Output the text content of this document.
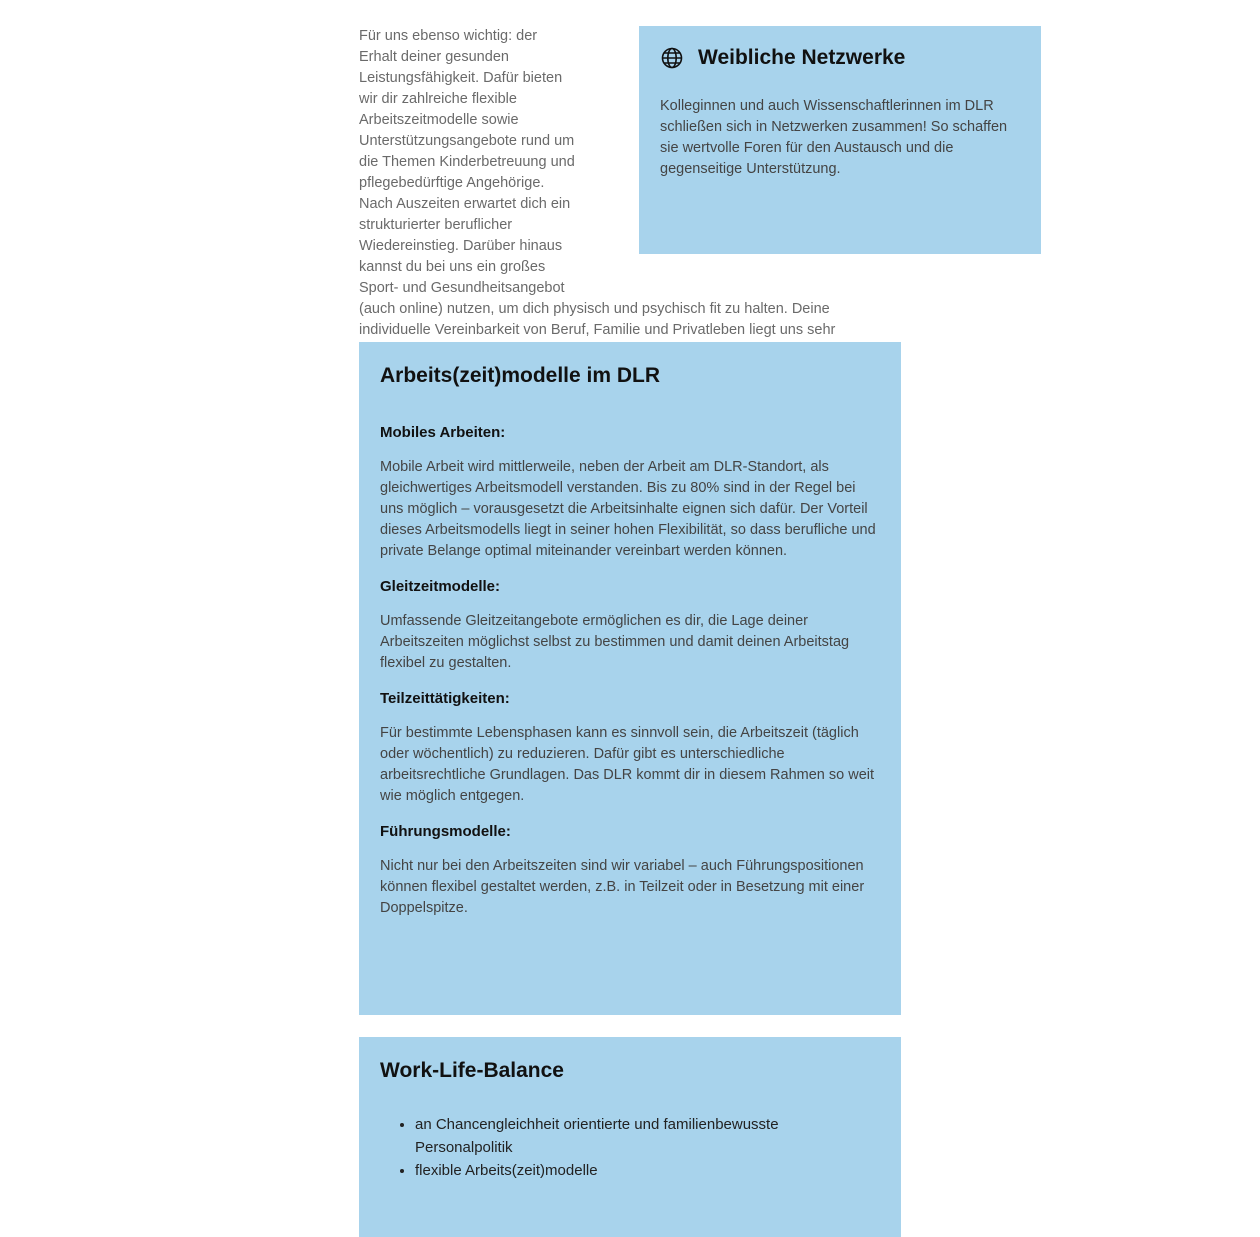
Für uns ebenso wichtig: der Erhalt deiner gesunden Leistungsfähigkeit. Dafür bieten wir dir zahlreiche flexible Arbeitszeitmodelle sowie Unterstützungsangebote rund um die Themen Kinderbetreuung und pflegebedürftige Angehörige. Nach Auszeiten erwartet dich ein strukturierter beruflicher Wiedereinstieg. Darüber hinaus kannst du bei uns ein großes Sport- und Gesundheitsangebot (auch online) nutzen, um dich physisch und psychisch fit zu halten. Deine individuelle Vereinbarkeit von Beruf, Familie und Privatleben liegt uns sehr
Weibliche Netzwerke

Kolleginnen und auch Wissenschaftlerinnen im DLR schließen sich in Netzwerken zusammen! So schaffen sie wertvolle Foren für den Austausch und die gegenseitige Unterstützung.

Arbeits(zeit)modelle im DLR

Mobiles Arbeiten:

Mobile Arbeit wird mittlerweile, neben der Arbeit am DLR-Standort, als gleichwertiges Arbeitsmodell verstanden. Bis zu 80% sind in der Regel bei uns möglich – vorausgesetzt die Arbeitsinhalte eignen sich dafür. Der Vorteil dieses Arbeitsmodells liegt in seiner hohen Flexibilität, so dass berufliche und private Belange optimal miteinander vereinbart werden können.

Gleitzeitmodelle:

Umfassende Gleitzeitangebote ermöglichen es dir, die Lage deiner Arbeitszeiten möglichst selbst zu bestimmen und damit deinen Arbeitstag flexibel zu gestalten.

Teilzeittätigkeiten:

Für bestimmte Lebensphasen kann es sinnvoll sein, die Arbeitszeit (täglich oder wöchentlich) zu reduzieren. Dafür gibt es unterschiedliche arbeitsrechtliche Grundlagen. Das DLR kommt dir in diesem Rahmen so weit wie möglich entgegen.

Führungsmodelle:

Nicht nur bei den Arbeitszeiten sind wir variabel – auch Führungspositionen können flexibel gestaltet werden, z.B. in Teilzeit oder in Besetzung mit einer Doppelspitze.

Work-Life-Balance
• an Chancengleichheit orientierte und familienbewusste Personalpolitik
• flexible Arbeits(zeit)modelle
